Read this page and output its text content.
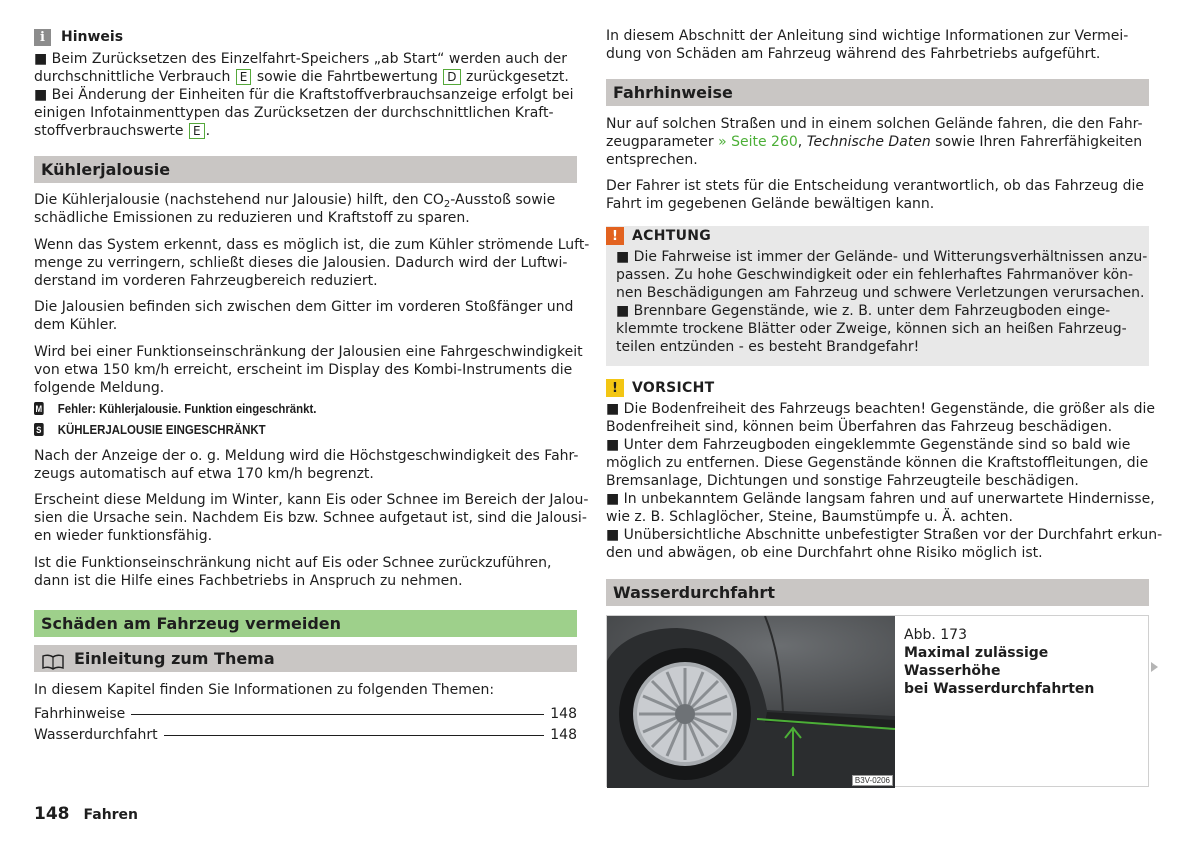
i	Hinweis
■ Beim Zurücksetzen des Einzelfahrt-Speichers „ab Start“ werden auch der
durchschnittliche Verbrauch E sowie die Fahrtbewertung D zurückgesetzt.
■ Bei Änderung der Einheiten für die Kraftstoffverbrauchsanzeige erfolgt bei
einigen Infotainmenttypen das Zurücksetzen der durchschnittlichen Kraft-
stoffverbrauchswerte E .
Kühlerjalousie
Die Kühlerjalousie (nachstehend nur Jalousie) hilft, den $CO_2$-Ausstoß sowie
schädliche Emissionen zu reduzieren und Kraftstoff zu sparen.
Wenn das System erkennt, dass es möglich ist, die zum Kühler strömende Luft-
menge zu verringern, schließt dieses die Jalousien. Dadurch wird der Luftwi-
derstand im vorderen Fahrzeugbereich reduziert.
Die Jalousien befinden sich zwischen dem Gitter im vorderen Stoßfänger und
dem Kühler.
Wird bei einer Funktionseinschränkung der Jalousien eine Fahrgeschwindigkeit
von etwa 150 km/h erreicht, erscheint im Display des Kombi-Instruments die
folgende Meldung.
M Fehler: Kühlerjalousie. Funktion eingeschränkt.
S KÜHLERJALOUSIE EINGESCHRÄNKT
Nach der Anzeige der o. g. Meldung wird die Höchstgeschwindigkeit des Fahr-
zeugs automatisch auf etwa 170 km/h begrenzt.
Erscheint diese Meldung im Winter, kann Eis oder Schnee im Bereich der Jalou-
sien die Ursache sein. Nachdem Eis bzw. Schnee aufgetaut ist, sind die Jalousi-
en wieder funktionsfähig.
Ist die Funktionseinschränkung nicht auf Eis oder Schnee zurückzuführen,
dann ist die Hilfe eines Fachbetriebs in Anspruch zu nehmen.
Schäden am Fahrzeug vermeiden
Einleitung zum Thema
In diesem Kapitel finden Sie Informationen zu folgenden Themen:
Fahrhinweise	148
Wasserdurchfahrt	148
148 Fahren
In diesem Abschnitt der Anleitung sind wichtige Informationen zur Vermei-
dung von Schäden am Fahrzeug während des Fahrbetriebs aufgeführt.
Fahrhinweise
Nur auf solchen Straßen und in einem solchen Gelände fahren, die den Fahr-
zeugparameter » Seite 260, Technische Daten sowie Ihren Fahrerfähigkeiten
entsprechen.
Der Fahrer ist stets für die Entscheidung verantwortlich, ob das Fahrzeug die
Fahrt im gegebenen Gelände bewältigen kann.
!	ACHTUNG
■ Die Fahrweise ist immer der Gelände- und Witterungsverhältnissen anzu-
passen. Zu hohe Geschwindigkeit oder ein fehlerhaftes Fahrmanöver kön-
nen Beschädigungen am Fahrzeug und schwere Verletzungen verursachen.
■ Brennbare Gegenstände, wie z. B. unter dem Fahrzeugboden einge-
klemmte trockene Blätter oder Zweige, können sich an heißen Fahrzeug-
teilen entzünden - es besteht Brandgefahr!
!	VORSICHT
■ Die Bodenfreiheit des Fahrzeugs beachten! Gegenstände, die größer als die
Bodenfreiheit sind, können beim Überfahren das Fahrzeug beschädigen.
■ Unter dem Fahrzeugboden eingeklemmte Gegenstände sind so bald wie
möglich zu entfernen. Diese Gegenstände können die Kraftstoffleitungen, die
Bremsanlage, Dichtungen und sonstige Fahrzeugteile beschädigen.
■ In unbekanntem Gelände langsam fahren und auf unerwartete Hindernisse,
wie z. B. Schlaglöcher, Steine, Baumstümpfe u. Ä. achten.
■ Unübersichtliche Abschnitte unbefestigter Straßen vor der Durchfahrt erkun-
den und abwägen, ob eine Durchfahrt ohne Risiko möglich ist.
Wasserdurchfahrt
B3V-0206
Abb. 173
Maximal zulässige Wasserhöhe
bei Wasserdurchfahrten
